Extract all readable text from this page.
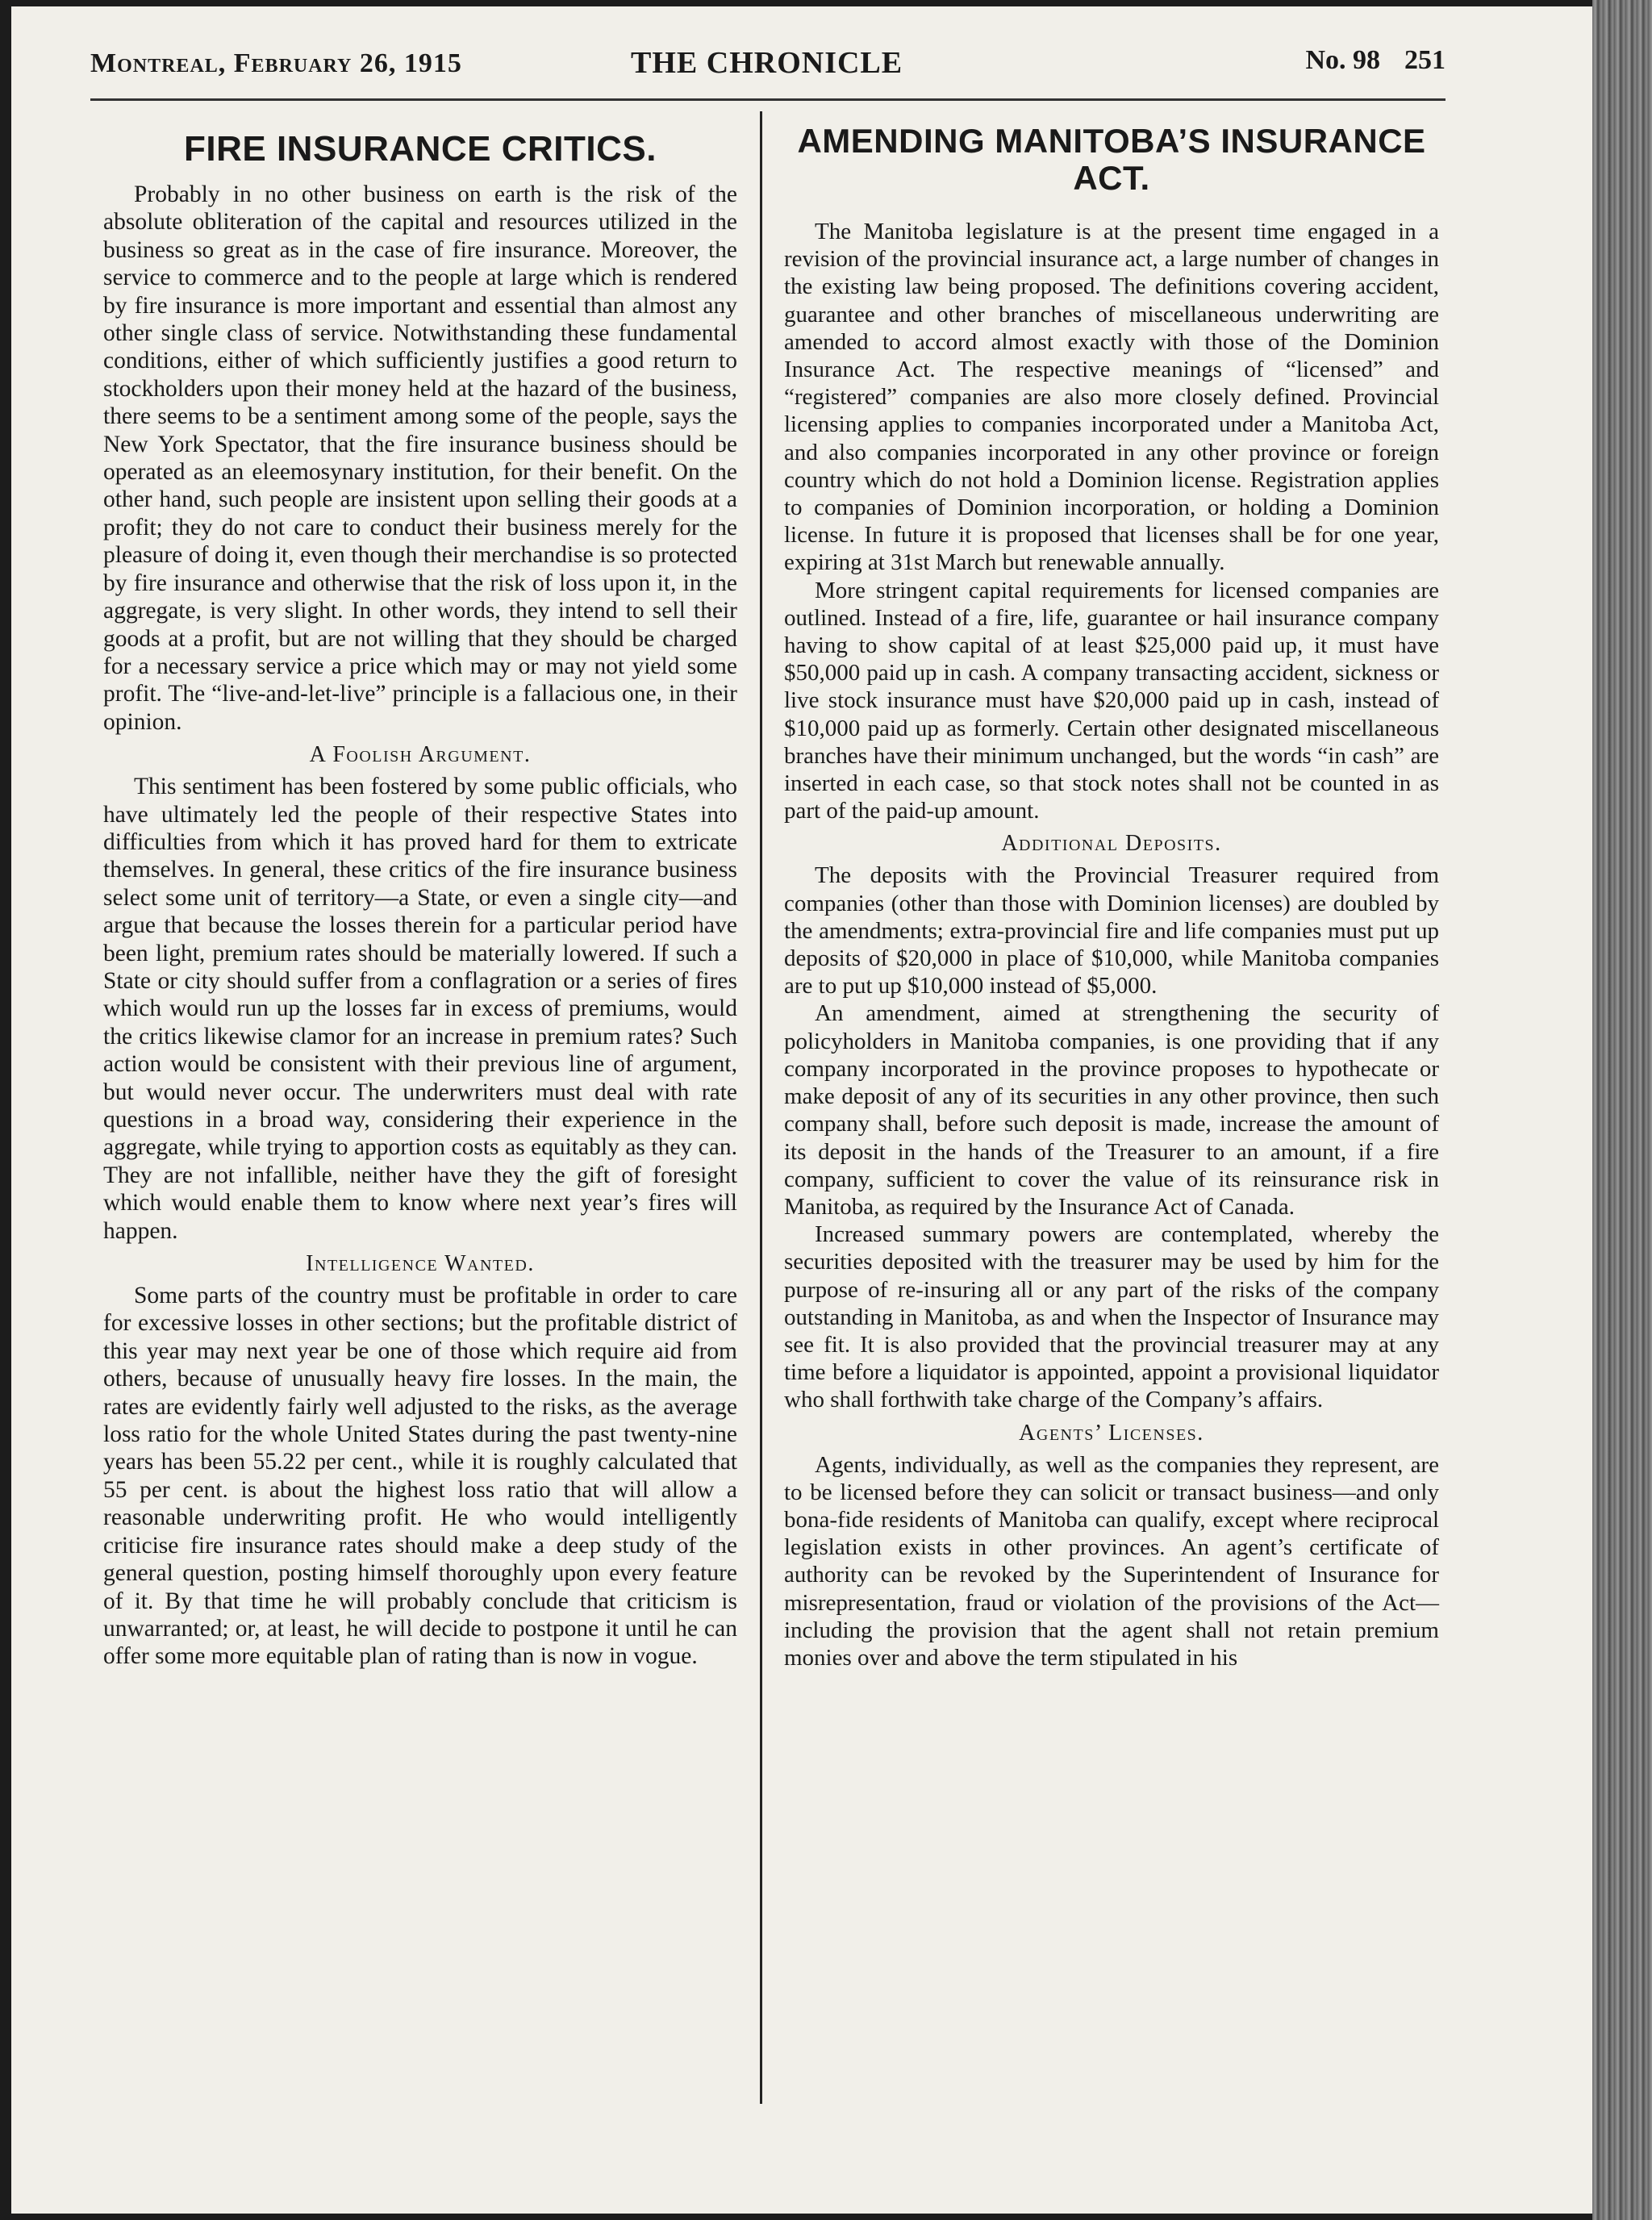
Montreal, February 26, 1915	THE CHRONICLE	No. 98 251
FIRE INSURANCE CRITICS.

Probably in no other business on earth is the risk of the absolute obliteration of the capital and resources utilized in the business so great as in the case of fire insurance. Moreover, the service to commerce and to the people at large which is rendered by fire insurance is more important and essential than almost any other single class of service. Notwithstanding these fundamental conditions, either of which sufficiently justifies a good return to stockholders upon their money held at the hazard of the business, there seems to be a sentiment among some of the people, says the New York Spectator, that the fire insurance business should be operated as an eleemosynary institution, for their benefit. On the other hand, such people are insistent upon selling their goods at a profit; they do not care to conduct their business merely for the pleasure of doing it, even though their merchandise is so protected by fire insurance and otherwise that the risk of loss upon it, in the aggregate, is very slight. In other words, they intend to sell their goods at a profit, but are not willing that they should be charged for a necessary service a price which may or may not yield some profit. The “live-and-let-live” principle is a fallacious one, in their opinion.

A Foolish Argument.

This sentiment has been fostered by some public officials, who have ultimately led the people of their respective States into difficulties from which it has proved hard for them to extricate themselves. In general, these critics of the fire insurance business select some unit of territory—a State, or even a single city—and argue that because the losses therein for a particular period have been light, premium rates should be materially lowered. If such a State or city should suffer from a conflagration or a series of fires which would run up the losses far in excess of premiums, would the critics likewise clamor for an increase in premium rates? Such action would be consistent with their previous line of argument, but would never occur. The underwriters must deal with rate questions in a broad way, considering their experience in the aggregate, while trying to apportion costs as equitably as they can. They are not infallible, neither have they the gift of foresight which would enable them to know where next year’s fires will happen.

Intelligence Wanted.

Some parts of the country must be profitable in order to care for excessive losses in other sections; but the profitable district of this year may next year be one of those which require aid from others, because of unusually heavy fire losses. In the main, the rates are evidently fairly well adjusted to the risks, as the average loss ratio for the whole United States during the past twenty-nine years has been 55.22 per cent., while it is roughly calculated that 55 per cent. is about the highest loss ratio that will allow a reasonable underwriting profit. He who would intelligently criticise fire insurance rates should make a deep study of the general question, posting himself thoroughly upon every feature of it. By that time he will probably conclude that criticism is unwarranted; or, at least, he will decide to postpone it until he can offer some more equitable plan of rating than is now in vogue.

AMENDING MANITOBA’S INSURANCE ACT.

The Manitoba legislature is at the present time engaged in a revision of the provincial insurance act, a large number of changes in the existing law being proposed. The definitions covering accident, guarantee and other branches of miscellaneous underwriting are amended to accord almost exactly with those of the Dominion Insurance Act. The respective meanings of “licensed” and “registered” companies are also more closely defined. Provincial licensing applies to companies incorporated under a Manitoba Act, and also companies incorporated in any other province or foreign country which do not hold a Dominion license. Registration applies to companies of Dominion incorporation, or holding a Dominion license. In future it is proposed that licenses shall be for one year, expiring at 31st March but renewable annually.

More stringent capital requirements for licensed companies are outlined. Instead of a fire, life, guarantee or hail insurance company having to show capital of at least $25,000 paid up, it must have $50,000 paid up in cash. A company transacting accident, sickness or live stock insurance must have $20,000 paid up in cash, instead of $10,000 paid up as formerly. Certain other designated miscellaneous branches have their minimum unchanged, but the words “in cash” are inserted in each case, so that stock notes shall not be counted in as part of the paid-up amount.

Additional Deposits.

The deposits with the Provincial Treasurer required from companies (other than those with Dominion licenses) are doubled by the amendments; extra-provincial fire and life companies must put up deposits of $20,000 in place of $10,000, while Manitoba companies are to put up $10,000 instead of $5,000.

An amendment, aimed at strengthening the security of policyholders in Manitoba companies, is one providing that if any company incorporated in the province proposes to hypothecate or make deposit of any of its securities in any other province, then such company shall, before such deposit is made, increase the amount of its deposit in the hands of the Treasurer to an amount, if a fire company, sufficient to cover the value of its reinsurance risk in Manitoba, as required by the Insurance Act of Canada.

Increased summary powers are contemplated, whereby the securities deposited with the treasurer may be used by him for the purpose of re-insuring all or any part of the risks of the company outstanding in Manitoba, as and when the Inspector of Insurance may see fit. It is also provided that the provincial treasurer may at any time before a liquidator is appointed, appoint a provisional liquidator who shall forthwith take charge of the Company’s affairs.

Agents’ Licenses.

Agents, individually, as well as the companies they represent, are to be licensed before they can solicit or transact business—and only bona-fide residents of Manitoba can qualify, except where reciprocal legislation exists in other provinces. An agent’s certificate of authority can be revoked by the Superintendent of Insurance for misrepresentation, fraud or violation of the provisions of the Act—including the provision that the agent shall not retain premium monies over and above the term stipulated in his
